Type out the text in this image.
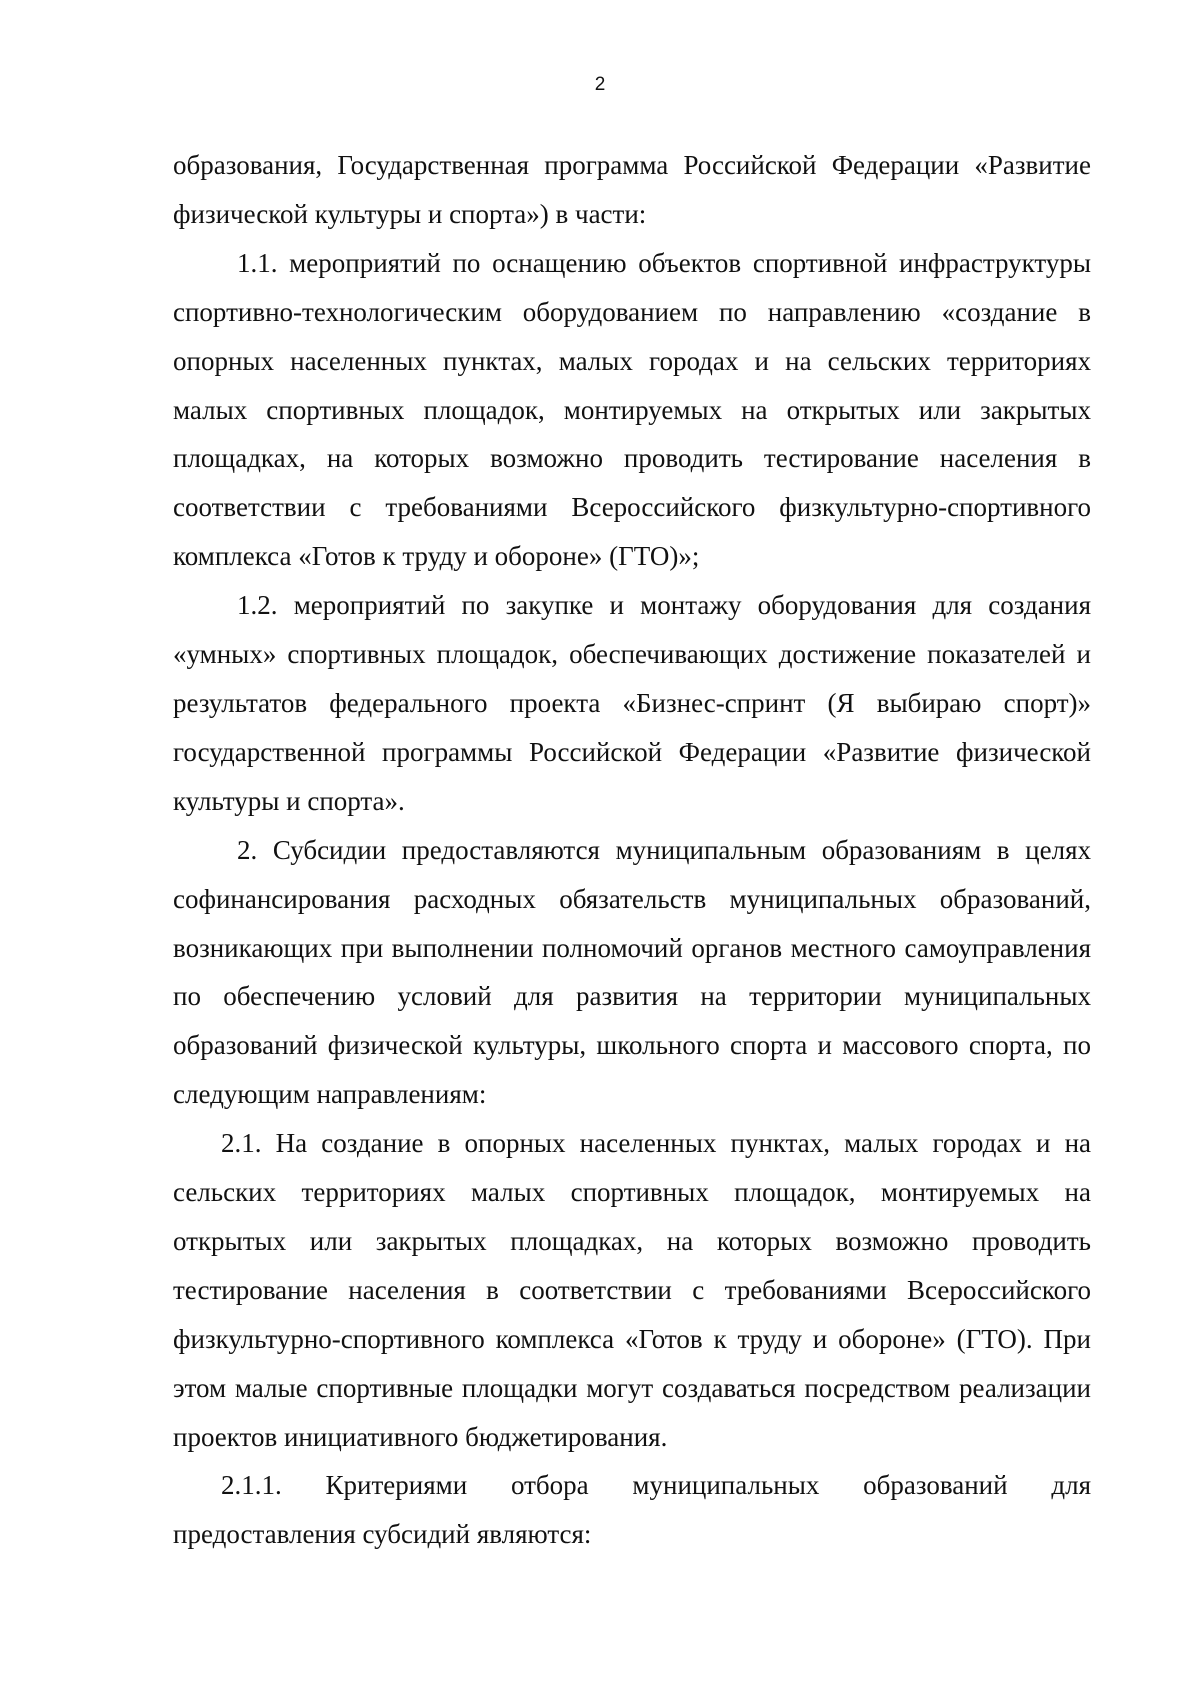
2

образования, Государственная программа Российской Федерации «Развитие физической культуры и спорта») в части:

1.1. мероприятий по оснащению объектов спортивной инфраструктуры спортивно-технологическим оборудованием по направлению «создание в опорных населенных пунктах, малых городах и на сельских территориях малых спортивных площадок, монтируемых на открытых или закрытых площадках, на которых возможно проводить тестирование населения в соответствии с требованиями Всероссийского физкультурно-спортивного комплекса «Готов к труду и обороне» (ГТО)»;

1.2. мероприятий по закупке и монтажу оборудования для создания «умных» спортивных площадок, обеспечивающих достижение показателей и результатов федерального проекта «Бизнес-спринт (Я выбираю спорт)» государственной программы Российской Федерации «Развитие физической культуры и спорта».

2. Субсидии предоставляются муниципальным образованиям в целях софинансирования расходных обязательств муниципальных образований, возникающих при выполнении полномочий органов местного самоуправления по обеспечению условий для развития на территории муниципальных образований физической культуры, школьного спорта и массового спорта, по следующим направлениям:

2.1. На создание в опорных населенных пунктах, малых городах и на сельских территориях малых спортивных площадок, монтируемых на открытых или закрытых площадках, на которых возможно проводить тестирование населения в соответствии с требованиями Всероссийского физкультурно-спортивного комплекса «Готов к труду и обороне» (ГТО). При этом малые спортивные площадки могут создаваться посредством реализации проектов инициативного бюджетирования.

2.1.1. Критериями отбора муниципальных образований для предоставления субсидий являются:
